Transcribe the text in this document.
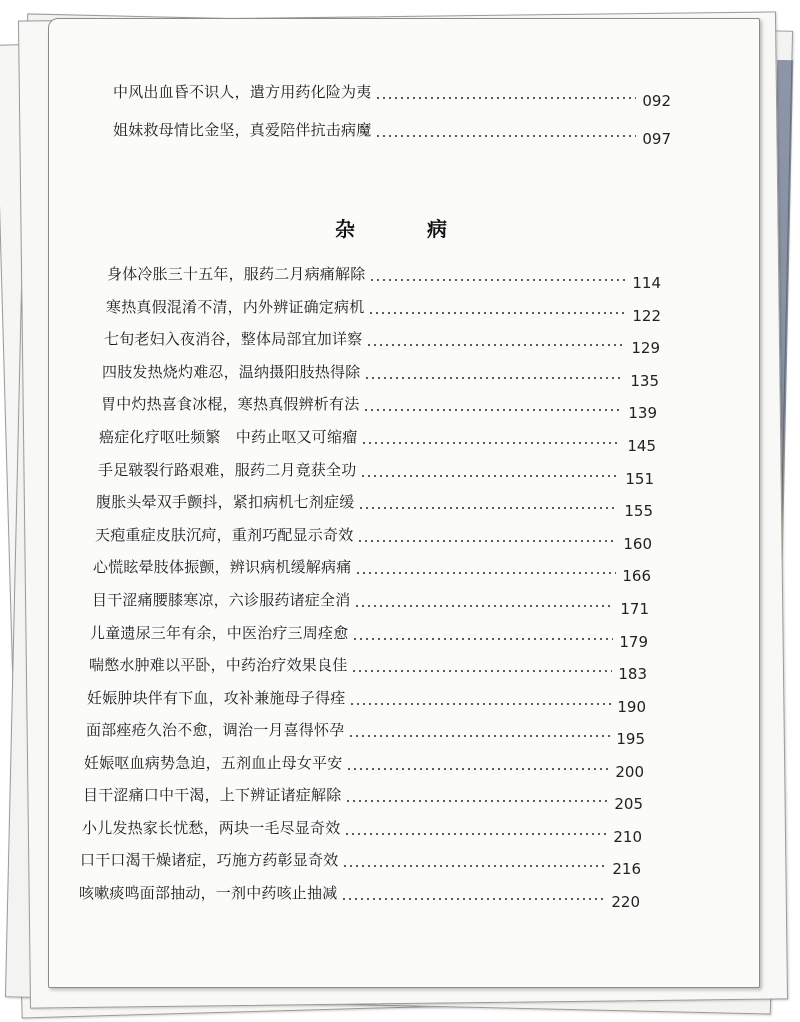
中风出血昏不识人，遣方用药化险为夷	092
姐妹救母情比金坚，真爱陪伴抗击病魔	097
杂　病
身体冷胀三十五年，服药二月病痛解除	114
寒热真假混淆不清，内外辨证确定病机	122
七旬老妇入夜消谷，整体局部宜加详察	129
四肢发热烧灼难忍，温纳摄阳肢热得除	135
胃中灼热喜食冰棍，寒热真假辨析有法	139
癌症化疗呕吐频繁　中药止呕又可缩瘤	145
手足皲裂行路艰难，服药二月竟获全功	151
腹胀头晕双手颤抖，紧扣病机七剂症缓	155
天疱重症皮肤沉疴，重剂巧配显示奇效	160
心慌眩晕肢体振颤，辨识病机缓解病痛	166
目干涩痛腰膝寒凉，六诊服药诸症全消	171
儿童遗尿三年有余，中医治疗三周痊愈	179
喘憋水肿难以平卧，中药治疗效果良佳	183
妊娠肿块伴有下血，攻补兼施母子得痊	190
面部痤疮久治不愈，调治一月喜得怀孕	195
妊娠呕血病势急迫，五剂血止母女平安	200
目干涩痛口中干渴，上下辨证诸症解除	205
小儿发热家长忧愁，两块一毛尽显奇效	210
口干口渴干燥诸症，巧施方药彰显奇效	216
咳嗽痰鸣面部抽动，一剂中药咳止抽减	220
